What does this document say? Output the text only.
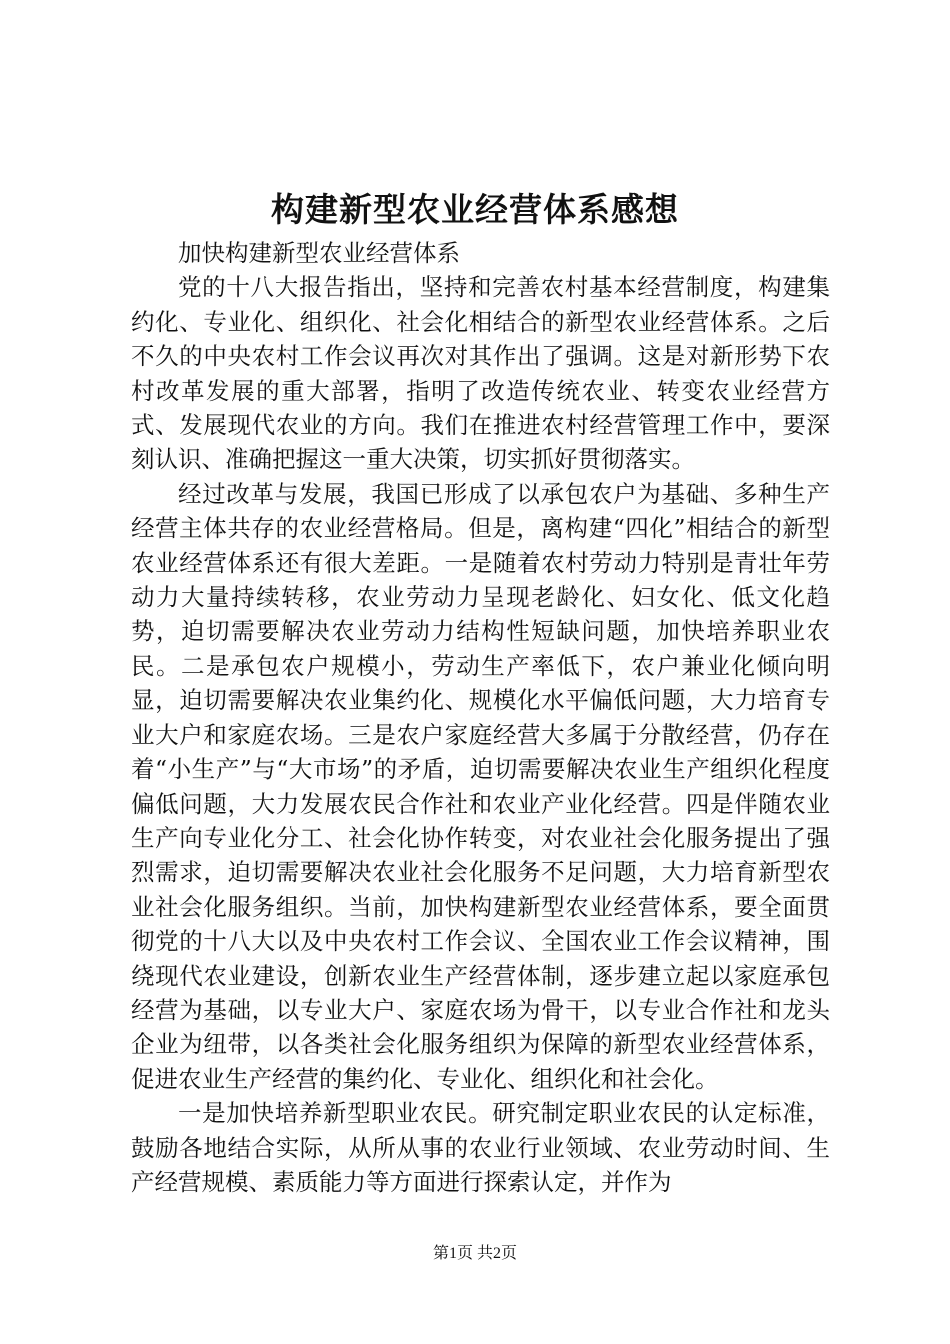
构建新型农业经营体系感想

加快构建新型农业经营体系

党的十八大报告指出，坚持和完善农村基本经营制度，构建集约化、专业化、组织化、社会化相结合的新型农业经营体系。之后不久的中央农村工作会议再次对其作出了强调。这是对新形势下农村改革发展的重大部署，指明了改造传统农业、转变农业经营方式、发展现代农业的方向。我们在推进农村经营管理工作中，要深刻认识、准确把握这一重大决策，切实抓好贯彻落实。

经过改革与发展，我国已形成了以承包农户为基础、多种生产经营主体共存的农业经营格局。但是，离构建“四化”相结合的新型农业经营体系还有很大差距。一是随着农村劳动力特别是青壮年劳动力大量持续转移，农业劳动力呈现老龄化、妇女化、低文化趋势，迫切需要解决农业劳动力结构性短缺问题，加快培养职业农民。二是承包农户规模小，劳动生产率低下，农户兼业化倾向明显，迫切需要解决农业集约化、规模化水平偏低问题，大力培育专业大户和家庭农场。三是农户家庭经营大多属于分散经营，仍存在着“小生产”与“大市场”的矛盾，迫切需要解决农业生产组织化程度偏低问题，大力发展农民合作社和农业产业化经营。四是伴随农业生产向专业化分工、社会化协作转变，对农业社会化服务提出了强烈需求，迫切需要解决农业社会化服务不足问题，大力培育新型农业社会化服务组织。当前，加快构建新型农业经营体系，要全面贯彻党的十八大以及中央农村工作会议、全国农业工作会议精神，围绕现代农业建设，创新农业生产经营体制，逐步建立起以家庭承包经营为基础，以专业大户、家庭农场为骨干，以专业合作社和龙头企业为纽带，以各类社会化服务组织为保障的新型农业经营体系，促进农业生产经营的集约化、专业化、组织化和社会化。

一是加快培养新型职业农民。研究制定职业农民的认定标准，鼓励各地结合实际，从所从事的农业行业领域、农业劳动时间、生产经营规模、素质能力等方面进行探索认定，并作为

第1页 共2页
